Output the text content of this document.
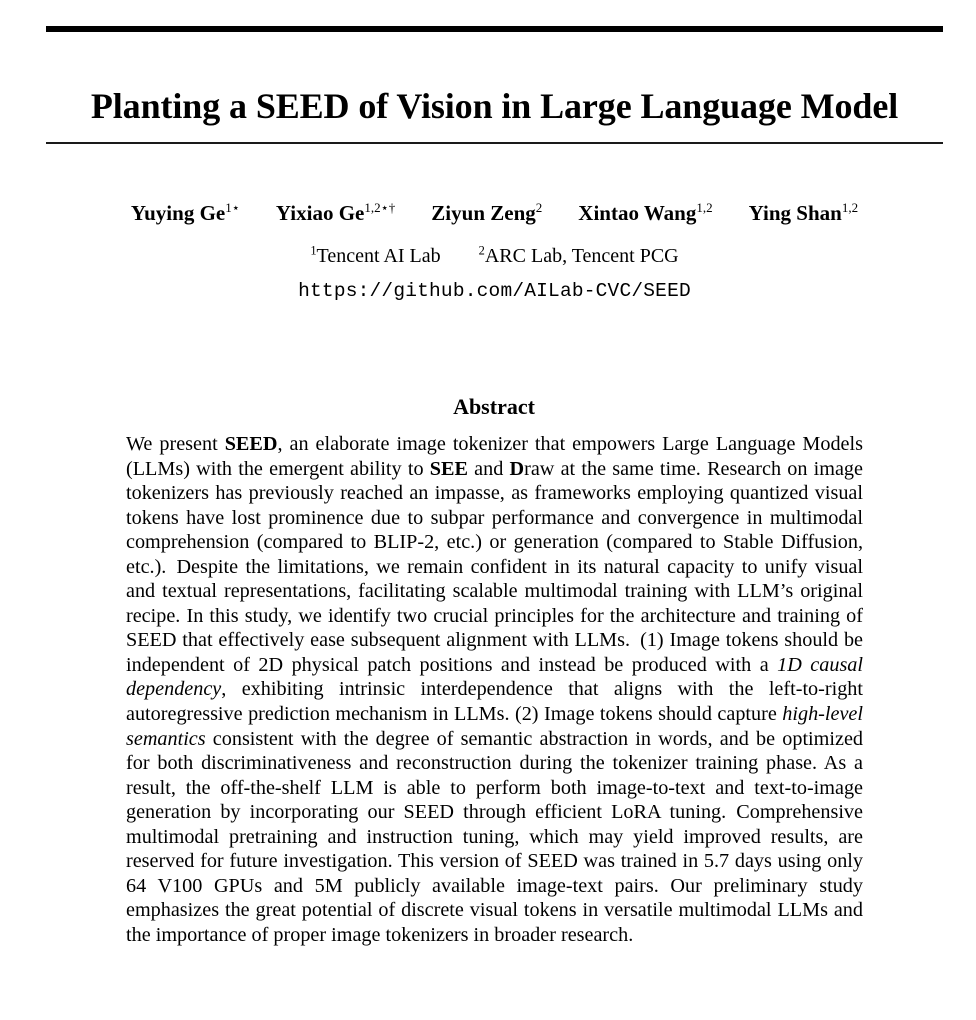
Planting a SEED of Vision in Large Language Model
Yuying $Ge^{1⋆}$ Yixiao $Ge^{1,2⋆\dagger}$ Ziyun Zeng$^2$ Xintao Wang$^{1,2}$ Ying Shan$^{1,2}$
$^1$Tencent AI Lab	$^2$ARC Lab, Tencent PCG
https://github.com/AILab-CVC/SEED
Abstract
We present SEED, an elaborate image tokenizer that empowers Large Language Models (LLMs) with the emergent ability to SEE and Draw at the same time. Research on image tokenizers has previously reached an impasse, as frameworks employing quantized visual tokens have lost prominence due to subpar performance and convergence in multimodal comprehension (compared to BLIP-2, etc.) or generation (compared to Stable Diffusion, etc.). Despite the limitations, we remain confident in its natural capacity to unify visual and textual representations, facilitating scalable multimodal training with LLM’s original recipe. In this study, we identify two crucial principles for the architecture and training of SEED that effectively ease subsequent alignment with LLMs. (1) Image tokens should be independent of 2D physical patch positions and instead be produced with a 1D causal dependency, exhibiting intrinsic interdependence that aligns with the left-to-right autoregressive prediction mechanism in LLMs. (2) Image tokens should capture high-level semantics consistent with the degree of semantic abstraction in words, and be optimized for both discriminativeness and reconstruction during the tokenizer training phase. As a result, the off-the-shelf LLM is able to perform both image-to-text and text-to-image generation by incorporating our SEED through efficient LoRA tuning. Comprehensive multimodal pretraining and instruction tuning, which may yield improved results, are reserved for future investigation. This version of SEED was trained in 5.7 days using only 64 V100 GPUs and 5M publicly available image-text pairs. Our preliminary study emphasizes the great potential of discrete visual tokens in versatile multimodal LLMs and the importance of proper image tokenizers in broader research.
